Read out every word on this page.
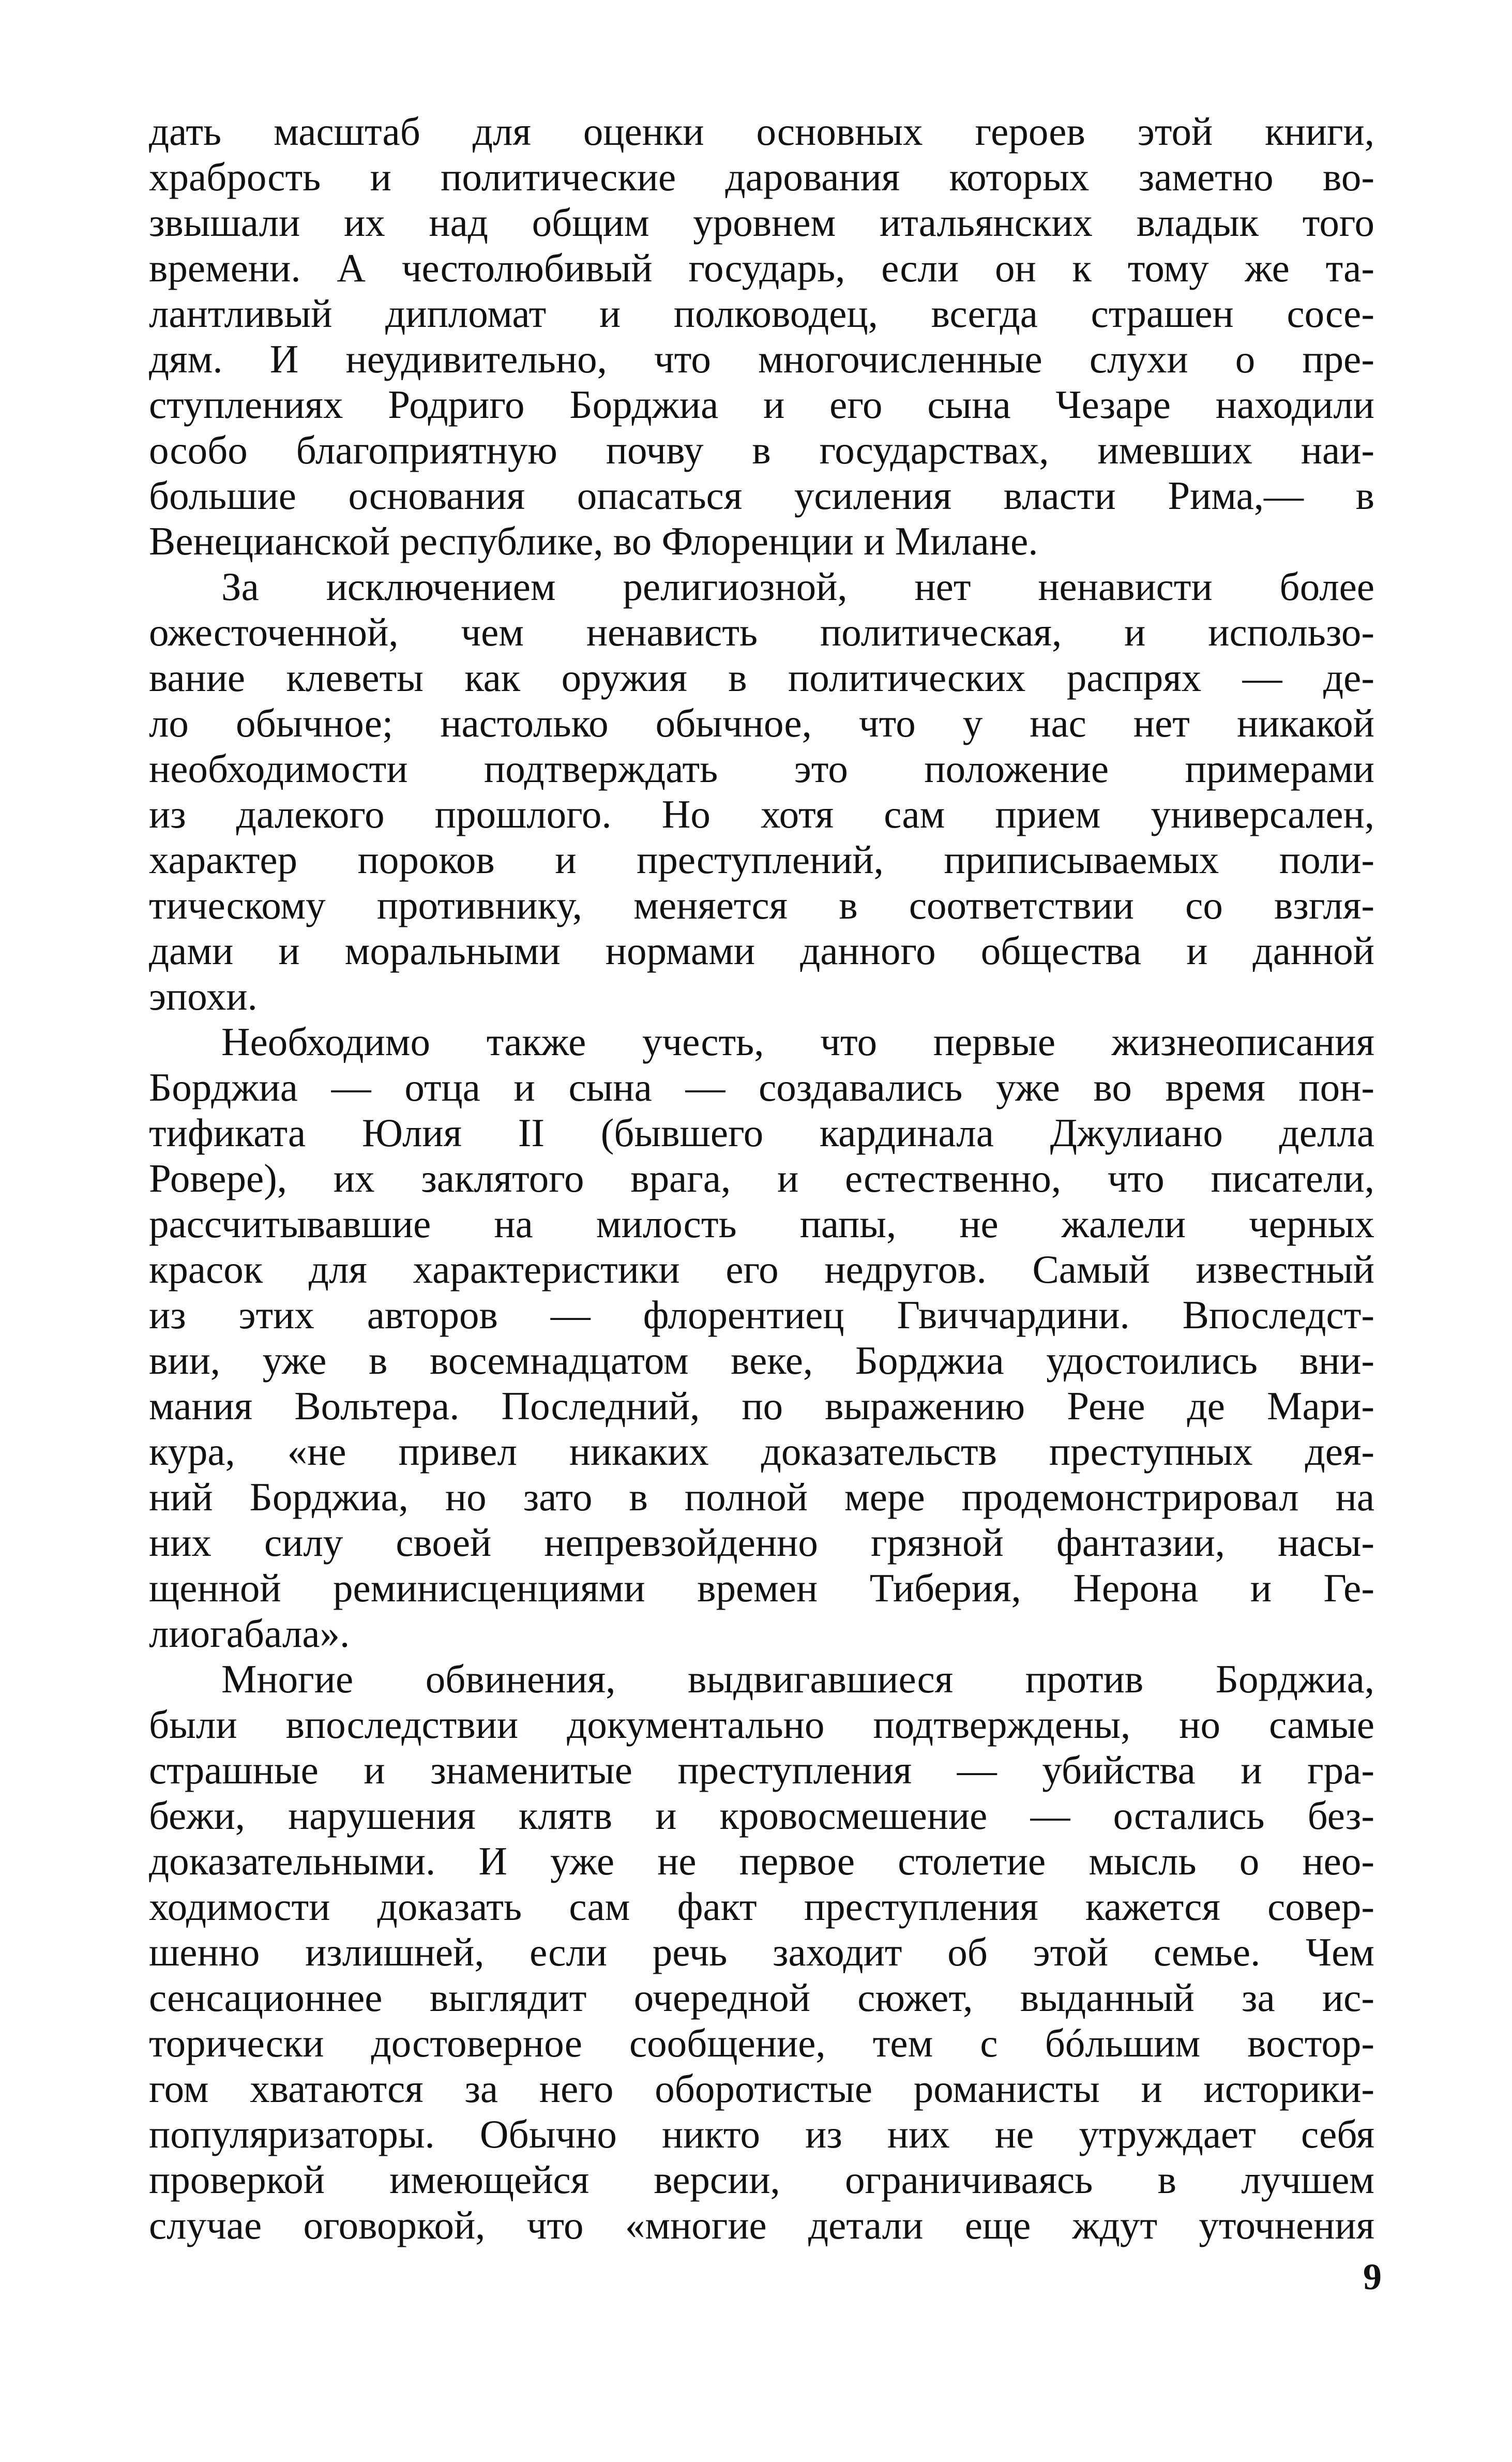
дать масштаб для оценки основных героев этой книги,
храбрость и политические дарования которых заметно во-
звышали их над общим уровнем итальянских владык того
времени. А честолюбивый государь, если он к тому же та-
лантливый дипломат и полководец, всегда страшен сосе-
дям. И неудивительно, что многочисленные слухи о пре-
ступлениях Родриго Борджиа и его сына Чезаре находили
особо благоприятную почву в государствах, имевших наи-
большие основания опасаться усиления власти Рима,— в
Венецианской республике, во Флоренции и Милане.
За исключением религиозной, нет ненависти более
ожесточенной, чем ненависть политическая, и использо-
вание клеветы как оружия в политических распрях — де-
ло обычное; настолько обычное, что у нас нет никакой
необходимости подтверждать это положение примерами
из далекого прошлого. Но хотя сам прием универсален,
характер пороков и преступлений, приписываемых поли-
тическому противнику, меняется в соответствии со взгля-
дами и моральными нормами данного общества и данной
эпохи.
Необходимо также учесть, что первые жизнеописания
Борджиа — отца и сына — создавались уже во время пон-
тификата Юлия II (бывшего кардинала Джулиано делла
Ровере), их заклятого врага, и естественно, что писатели,
рассчитывавшие на милость папы, не жалели черных
красок для характеристики его недругов. Самый известный
из этих авторов — флорентиец Гвиччардини. Впоследст-
вии, уже в восемнадцатом веке, Борджиа удостоились вни-
мания Вольтера. Последний, по выражению Рене де Мари-
кура, «не привел никаких доказательств преступных дея-
ний Борджиа, но зато в полной мере продемонстрировал на
них силу своей непревзойденно грязной фантазии, насы-
щенной реминисценциями времен Тиберия, Нерона и Ге-
лиогабала».
Многие обвинения, выдвигавшиеся против Борджиа,
были впоследствии документально подтверждены, но самые
страшные и знаменитые преступления — убийства и гра-
бежи, нарушения клятв и кровосмешение — остались без-
доказательными. И уже не первое столетие мысль о нео-
ходимости доказать сам факт преступления кажется совер-
шенно излишней, если речь заходит об этой семье. Чем
сенсационнее выглядит очередной сюжет, выданный за ис-
торически достоверное сообщение, тем с бóльшим востор-
гом хватаются за него оборотистые романисты и историки-
популяризаторы. Обычно никто из них не утруждает себя
проверкой имеющейся версии, ограничиваясь в лучшем
случае оговоркой, что «многие детали еще ждут уточнения
9
